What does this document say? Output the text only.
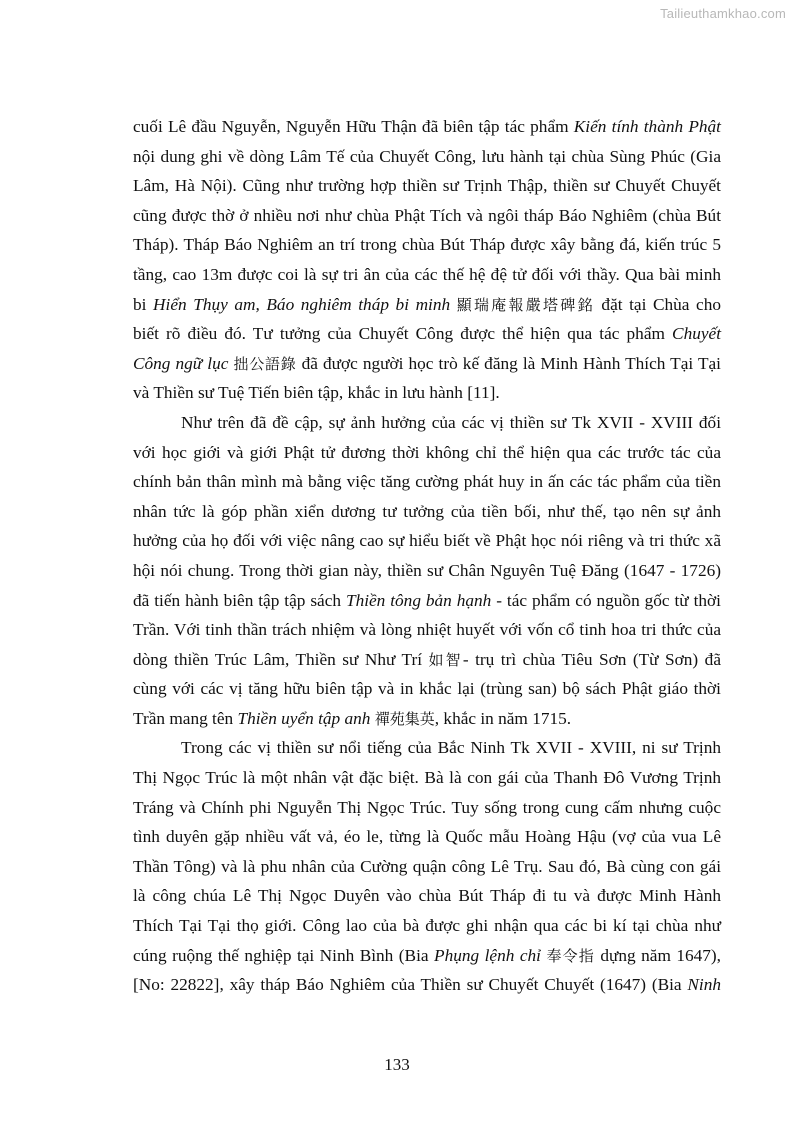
Tailieuthamkhao.com
cuối Lê đầu Nguyễn, Nguyễn Hữu Thận đã biên tập tác phẩm Kiến tính thành Phật
nội dung ghi về dòng Lâm Tế của Chuyết Công, lưu hành tại chùa Sùng Phúc (Gia
Lâm, Hà Nội). Cũng như trường hợp thiền sư Trịnh Thập, thiền sư Chuyết Chuyết
cũng được thờ ở nhiều nơi như chùa Phật Tích và ngôi tháp Báo Nghiêm (chùa Bút
Tháp). Tháp Báo Nghiêm an trí trong chùa Bút Tháp được xây bằng đá, kiến trúc 5
tầng, cao 13m được coi là sự tri ân của các thế hệ đệ tử đối với thầy. Qua bài minh
bi Hiển Thụy am, Báo nghiêm tháp bi minh 顯瑞庵報嚴塔碑銘 đặt tại Chùa cho
biết rõ điều đó. Tư tưởng của Chuyết Công được thể hiện qua tác phẩm Chuyết
Công ngữ lục 拙公語錄 đã được người học trò kế đăng là Minh Hành Thích Tại Tại
và Thiền sư Tuệ Tiến biên tập, khắc in lưu hành [11].
Như trên đã đề cập, sự ảnh hưởng của các vị thiền sư Tk XVII - XVIII đối
với học giới và giới Phật tử đương thời không chỉ thể hiện qua các trước tác của
chính bản thân mình mà bằng việc tăng cường phát huy in ấn các tác phẩm của tiền
nhân tức là góp phần xiển dương tư tưởng của tiền bối, như thế, tạo nên sự ảnh
hưởng của họ đối với việc nâng cao sự hiểu biết về Phật học nói riêng và tri thức xã
hội nói chung. Trong thời gian này, thiền sư Chân Nguyên Tuệ Đăng (1647 - 1726)
đã tiến hành biên tập tập sách Thiền tông bản hạnh - tác phẩm có nguồn gốc từ thời
Trần. Với tinh thần trách nhiệm và lòng nhiệt huyết với vốn cổ tinh hoa tri thức của
dòng thiền Trúc Lâm, Thiền sư Như Trí 如智- trụ trì chùa Tiêu Sơn (Từ Sơn) đã
cùng với các vị tăng hữu biên tập và in khắc lại (trùng san) bộ sách Phật giáo thời
Trần mang tên Thiền uyển tập anh 禪苑集英, khắc in năm 1715.
Trong các vị thiền sư nổi tiếng của Bắc Ninh Tk XVII - XVIII, ni sư Trịnh
Thị Ngọc Trúc là một nhân vật đặc biệt. Bà là con gái của Thanh Đô Vương Trịnh
Tráng và Chính phi Nguyễn Thị Ngọc Trúc. Tuy sống trong cung cấm nhưng cuộc
tình duyên gặp nhiều vất vả, éo le, từng là Quốc mẫu Hoàng Hậu (vợ của vua Lê
Thần Tông) và là phu nhân của Cường quận công Lê Trụ. Sau đó, Bà cùng con gái
là công chúa Lê Thị Ngọc Duyên vào chùa Bút Tháp đi tu và được Minh Hành
Thích Tại Tại thọ giới. Công lao của bà được ghi nhận qua các bi kí tại chùa như
cúng ruộng thế nghiệp tại Ninh Bình (Bia Phụng lệnh chỉ 奉令指 dựng năm 1647),
[No: 22822], xây tháp Báo Nghiêm của Thiền sư Chuyết Chuyết (1647) (Bia Ninh
133
